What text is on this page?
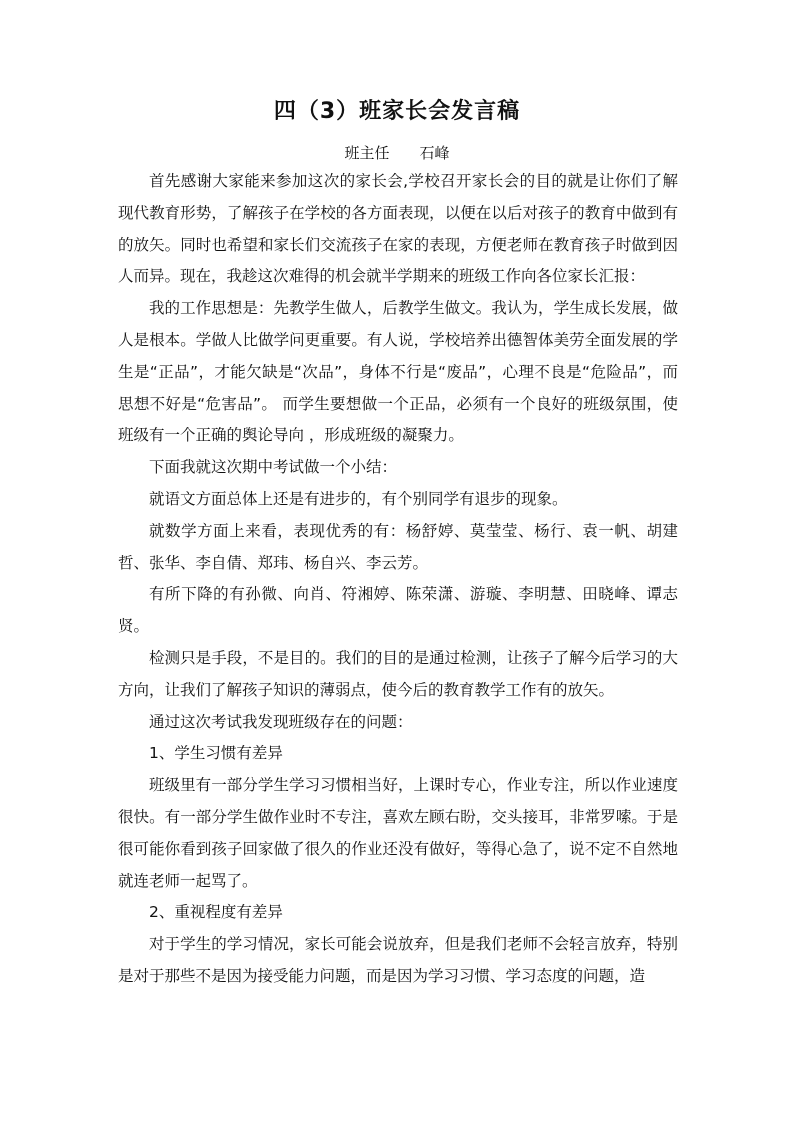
四（3）班家长会发言稿
班主任 石峰

首先感谢大家能来参加这次的家长会,学校召开家长会的目的就是让你们了解现代教育形势，了解孩子在学校的各方面表现，以便在以后对孩子的教育中做到有的放矢。同时也希望和家长们交流孩子在家的表现，方便老师在教育孩子时做到因人而异。现在，我趁这次难得的机会就半学期来的班级工作向各位家长汇报：

我的工作思想是：先教学生做人，后教学生做文。我认为，学生成长发展，做人是根本。学做人比做学问更重要。有人说，学校培养出德智体美劳全面发展的学生是“正品”，才能欠缺是“次品”，身体不行是“废品”，心理不良是“危险品”，而思想不好是“危害品”。 而学生要想做一个正品，必须有一个良好的班级氛围，使班级有一个正确的舆论导向 ，形成班级的凝聚力。

下面我就这次期中考试做一个小结：

就语文方面总体上还是有进步的，有个别同学有退步的现象。

就数学方面上来看，表现优秀的有：杨舒婷、莫莹莹、杨行、袁一帆、胡建哲、张华、李自倩、郑玮、杨自兴、李云芳。

有所下降的有孙微、向肖、符湘婷、陈荣潇、游璇、李明慧、田晓峰、谭志贤。

检测只是手段，不是目的。我们的目的是通过检测，让孩子了解今后学习的大方向，让我们了解孩子知识的薄弱点，使今后的教育教学工作有的放矢。

通过这次考试我发现班级存在的问题：

1、学生习惯有差异

班级里有一部分学生学习习惯相当好，上课时专心，作业专注，所以作业速度很快。有一部分学生做作业时不专注，喜欢左顾右盼，交头接耳，非常罗嗦。于是很可能你看到孩子回家做了很久的作业还没有做好，等得心急了，说不定不自然地就连老师一起骂了。

2、重视程度有差异

对于学生的学习情况，家长可能会说放弃，但是我们老师不会轻言放弃，特别是对于那些不是因为接受能力问题，而是因为学习习惯、学习态度的问题，造
